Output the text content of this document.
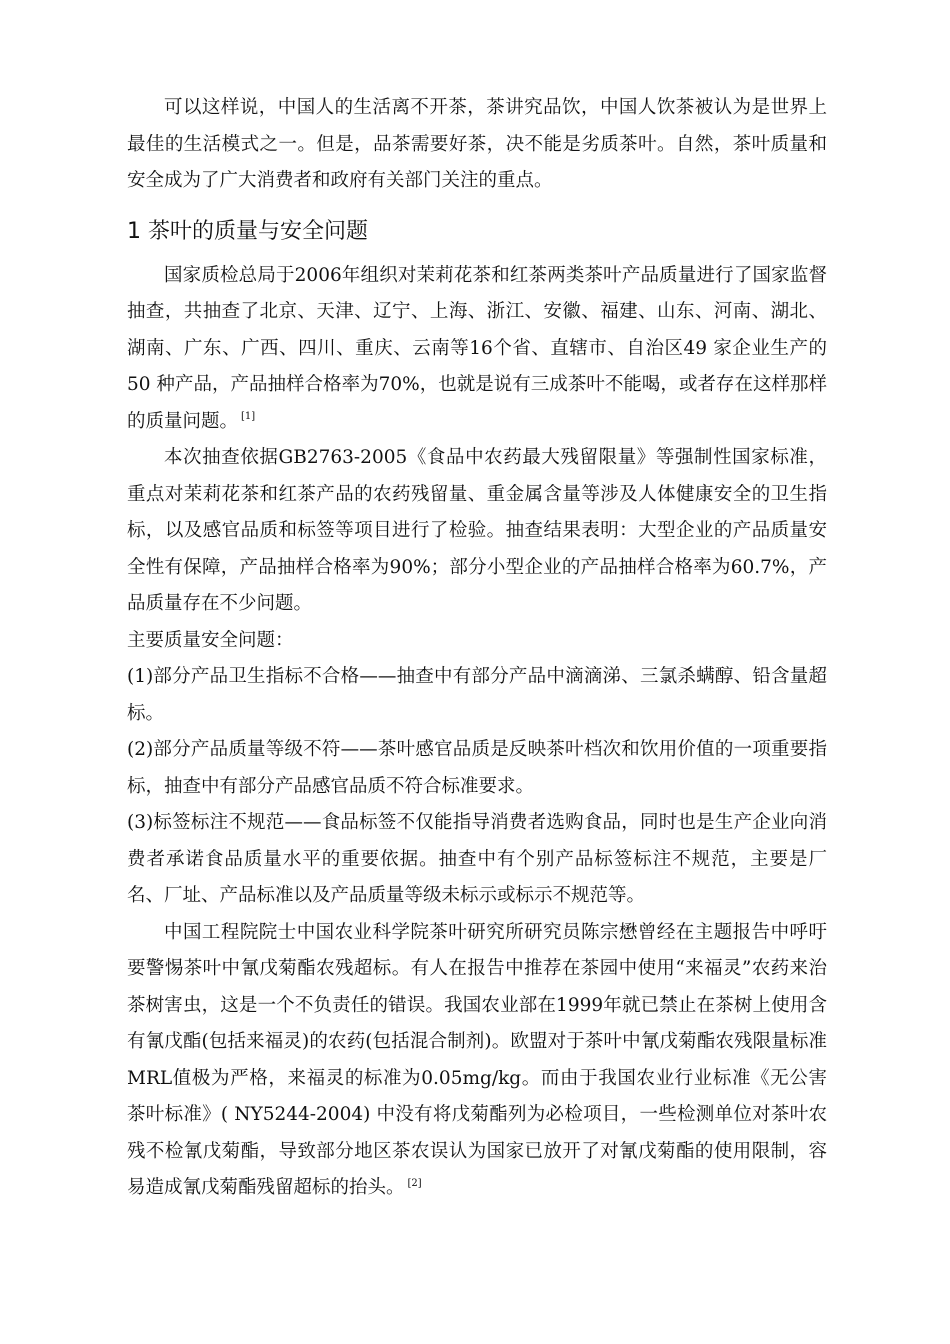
可以这样说，中国人的生活离不开茶，茶讲究品饮，中国人饮茶被认为是世界上最佳的生活模式之一。但是，品茶需要好茶，决不能是劣质茶叶。自然，茶叶质量和安全成为了广大消费者和政府有关部门关注的重点。

1 茶叶的质量与安全问题

国家质检总局于2006年组织对茉莉花茶和红茶两类茶叶产品质量进行了国家监督抽查，共抽查了北京、天津、辽宁、上海、浙江、安徽、福建、山东、河南、湖北、湖南、广东、广西、四川、重庆、云南等16个省、直辖市、自治区49 家企业生产的 50 种产品，产品抽样合格率为70%，也就是说有三成茶叶不能喝，或者存在这样那样的质量问题。 [1]

本次抽查依据GB2763-2005《食品中农药最大残留限量》等强制性国家标准，重点对茉莉花茶和红茶产品的农药残留量、重金属含量等涉及人体健康安全的卫生指标，以及感官品质和标签等项目进行了检验。抽查结果表明：大型企业的产品质量安全性有保障，产品抽样合格率为90%；部分小型企业的产品抽样合格率为60.7%，产品质量存在不少问题。

主要质量安全问题：

(1)部分产品卫生指标不合格——抽查中有部分产品中滴滴涕、三氯杀螨醇、铅含量超标。

(2)部分产品质量等级不符——茶叶感官品质是反映茶叶档次和饮用价值的一项重要指标，抽查中有部分产品感官品质不符合标准要求。

(3)标签标注不规范——食品标签不仅能指导消费者选购食品，同时也是生产企业向消费者承诺食品质量水平的重要依据。抽查中有个别产品标签标注不规范，主要是厂名、厂址、产品标准以及产品质量等级未标示或标示不规范等。

中国工程院院士中国农业科学院茶叶研究所研究员陈宗懋曾经在主题报告中呼吁要警惕茶叶中氰戊菊酯农残超标。有人在报告中推荐在茶园中使用“来福灵”农药来治茶树害虫，这是一个不负责任的错误。我国农业部在1999年就已禁止在茶树上使用含有氰戊酯(包括来福灵)的农药(包括混合制剂)。欧盟对于茶叶中氰戊菊酯农残限量标准MRL值极为严格，来福灵的标准为0.05mg/kg。而由于我国农业行业标准《无公害茶叶标准》( NY5244-2004) 中没有将戊菊酯列为必检项目，一些检测单位对茶叶农残不检氰戊菊酯，导致部分地区茶农误认为国家已放开了对氰戊菊酯的使用限制，容易造成氰戊菊酯残留超标的抬头。 [2]
